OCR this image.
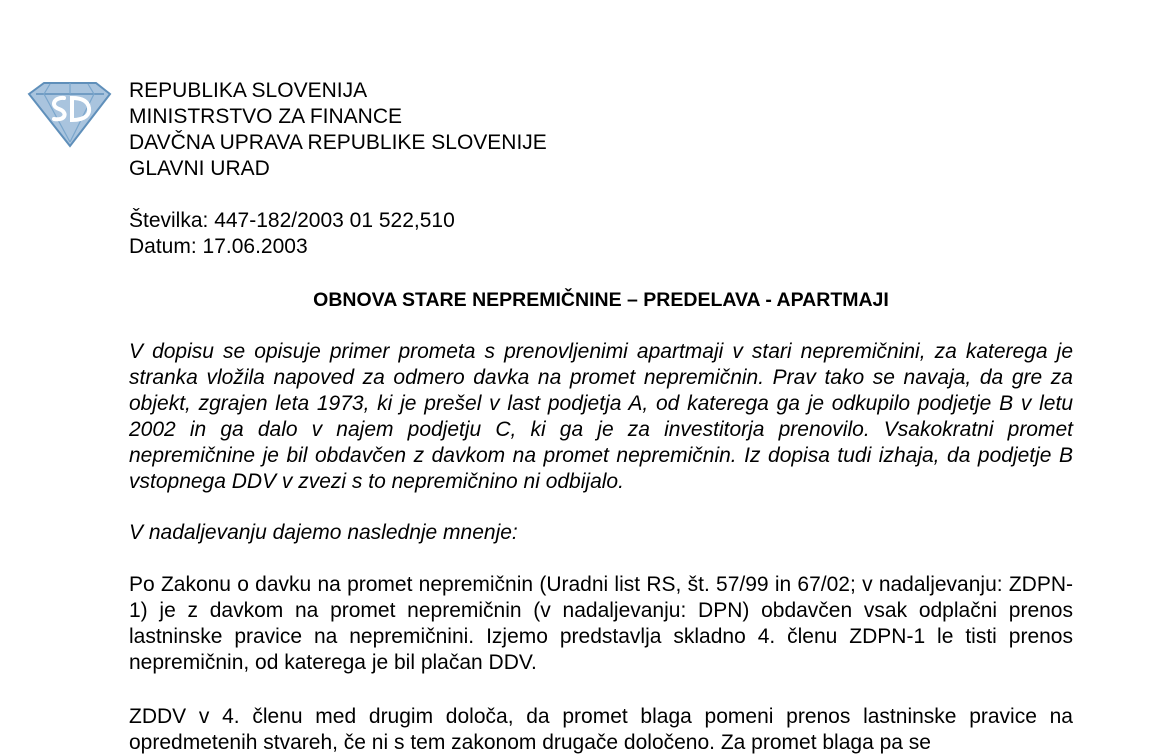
REPUBLIKA SLOVENIJA
MINISTRSTVO ZA FINANCE
DAVČNA UPRAVA REPUBLIKE SLOVENIJE
GLAVNI URAD
Številka: 447-182/2003 01 522,510
Datum: 17.06.2003
OBNOVA STARE NEPREMIČNINE – PREDELAVA - APARTMAJI

V dopisu se opisuje primer prometa s prenovljenimi apartmaji v stari nepremičnini, za katerega je stranka vložila napoved za odmero davka na promet nepremičnin. Prav tako se navaja, da gre za objekt, zgrajen leta 1973, ki je prešel v last podjetja A, od katerega ga je odkupilo podjetje B v letu 2002 in ga dalo v najem podjetju C, ki ga je za investitorja prenovilo. Vsakokratni promet nepremičnine je bil obdavčen z davkom na promet nepremičnin. Iz dopisa tudi izhaja, da podjetje B vstopnega DDV v zvezi s to nepremičnino ni odbijalo.

V nadaljevanju dajemo naslednje mnenje:

Po Zakonu o davku na promet nepremičnin (Uradni list RS, št. 57/99 in 67/02; v nadaljevanju: ZDPN-1) je z davkom na promet nepremičnin (v nadaljevanju: DPN) obdavčen vsak odplačni prenos lastninske pravice na nepremičnini. Izjemo predstavlja skladno 4. členu ZDPN-1 le tisti prenos nepremičnin, od katerega je bil plačan DDV.

ZDDV v 4. členu med drugim določa, da promet blaga pomeni prenos lastninske pravice na opredmetenih stvareh, če ni s tem zakonom drugače določeno. Za promet blaga pa se
